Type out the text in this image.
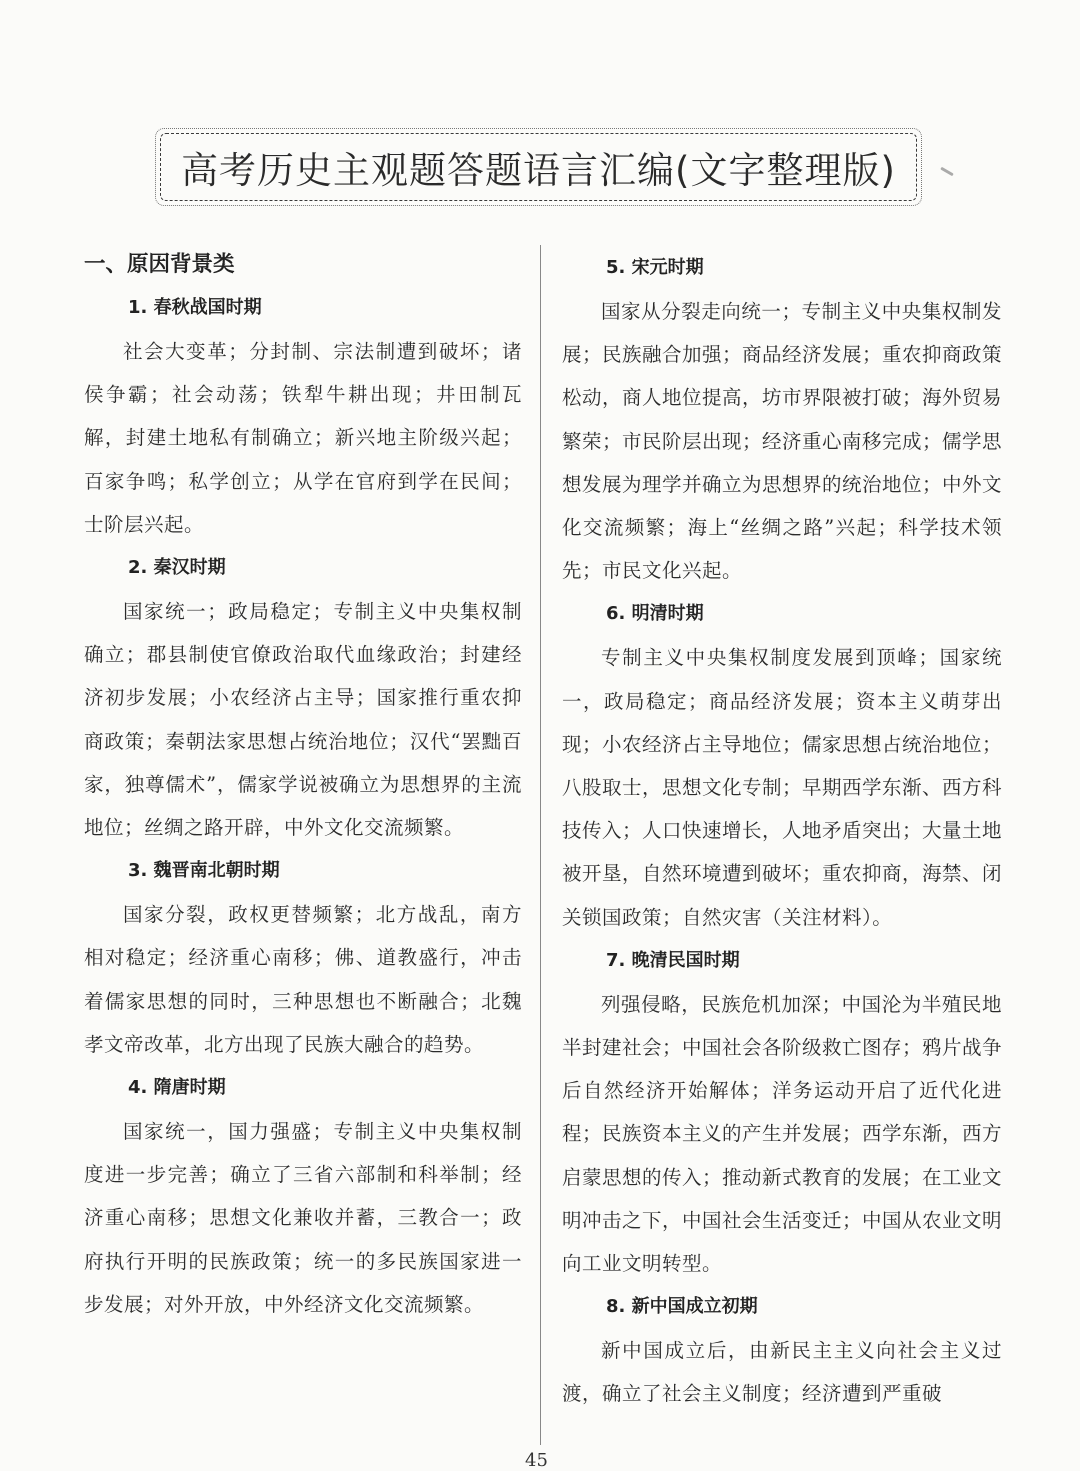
高考历史主观题答题语言汇编(文字整理版)

一、原因背景类

1. 春秋战国时期

社会大变革；分封制、宗法制遭到破坏；诸侯争霸；社会动荡；铁犁牛耕出现；井田制瓦解，封建土地私有制确立；新兴地主阶级兴起；百家争鸣；私学创立；从学在官府到学在民间；士阶层兴起。

2. 秦汉时期

国家统一；政局稳定；专制主义中央集权制确立；郡县制使官僚政治取代血缘政治；封建经济初步发展；小农经济占主导；国家推行重农抑商政策；秦朝法家思想占统治地位；汉代“罢黜百家，独尊儒术”，儒家学说被确立为思想界的主流地位；丝绸之路开辟，中外文化交流频繁。

3. 魏晋南北朝时期

国家分裂，政权更替频繁；北方战乱，南方相对稳定；经济重心南移；佛、道教盛行，冲击着儒家思想的同时，三种思想也不断融合；北魏孝文帝改革，北方出现了民族大融合的趋势。

4. 隋唐时期

国家统一，国力强盛；专制主义中央集权制度进一步完善；确立了三省六部制和科举制；经济重心南移；思想文化兼收并蓄，三教合一；政府执行开明的民族政策；统一的多民族国家进一步发展；对外开放，中外经济文化交流频繁。

5. 宋元时期

国家从分裂走向统一；专制主义中央集权制发展；民族融合加强；商品经济发展；重农抑商政策松动，商人地位提高，坊市界限被打破；海外贸易繁荣；市民阶层出现；经济重心南移完成；儒学思想发展为理学并确立为思想界的统治地位；中外文化交流频繁；海上“丝绸之路”兴起；科学技术领先；市民文化兴起。

6. 明清时期

专制主义中央集权制度发展到顶峰；国家统一，政局稳定；商品经济发展；资本主义萌芽出现；小农经济占主导地位；儒家思想占统治地位；八股取士，思想文化专制；早期西学东渐、西方科技传入；人口快速增长，人地矛盾突出；大量土地被开垦，自然环境遭到破坏；重农抑商，海禁、闭关锁国政策；自然灾害（关注材料）。

7. 晚清民国时期

列强侵略，民族危机加深；中国沦为半殖民地半封建社会；中国社会各阶级救亡图存；鸦片战争后自然经济开始解体；洋务运动开启了近代化进程；民族资本主义的产生并发展；西学东渐，西方启蒙思想的传入；推动新式教育的发展；在工业文明冲击之下，中国社会生活变迁；中国从农业文明向工业文明转型。

8. 新中国成立初期

新中国成立后，由新民主主义向社会主义过渡，确立了社会主义制度；经济遭到严重破

45
